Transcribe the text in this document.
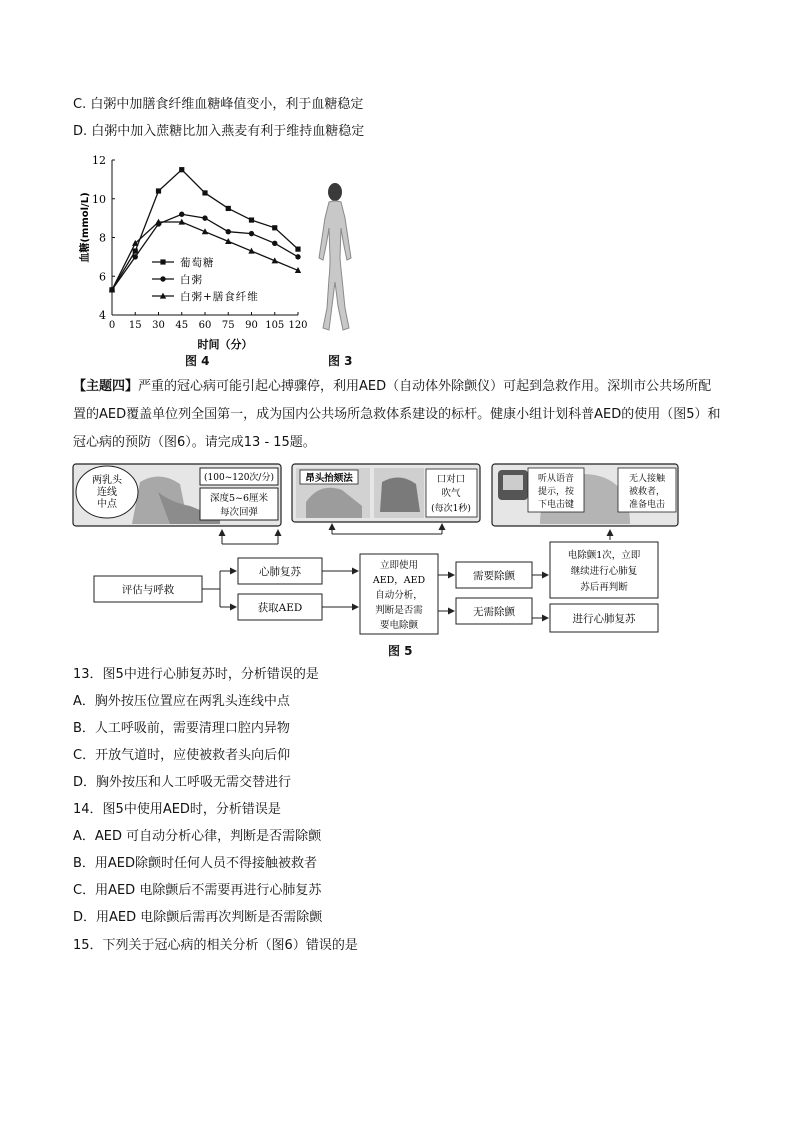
C. 白粥中加膳食纤维血糖峰值变小，利于血糖稳定
D. 白粥中加入蔗糖比加入燕麦有利于维持血糖稳定
0 15 30 45 60 75 90 105 120
4
6
8
10
12
时间（分）
血糖(mmol/L)
葡萄糖
白粥
白粥+膳食纤维
图 4	图 3
【主题四】严重的冠心病可能引起心搏骤停，利用AED（自动体外除颤仪）可起到急救作用。深圳市公共场所配置的AED覆盖单位列全国第一，成为国内公共场所急救体系建设的标杆。健康小组计划科普AED的使用（图5）和冠心病的预防（图6）。请完成13 - 15题。
两乳头
连线
中点
(100~120次/分)
深度5~6厘米
每次回弹
昂头抬颏法	口对口
吹气
(每次1秒)
听从语音
提示，按
下电击键
无人接触
被救者，
准备电击
评估与呼救
心肺复苏
获取AED
立即使用
AED，AED
自动分析，
判断是否需
要电除颤
需要除颤
无需除颤
电除颤1次，立即
继续进行心肺复
苏后再判断
进行心肺复苏
图 5
13．图5中进行心肺复苏时，分析错误的是
A．胸外按压位置应在两乳头连线中点
B．人工呼吸前，需要清理口腔内异物
C．开放气道时，应使被救者头向后仰
D．胸外按压和人工呼吸无需交替进行
14．图5中使用AED时，分析错误是
A．AED 可自动分析心律，判断是否需除颤
B．用AED除颤时任何人员不得接触被救者
C．用AED 电除颤后不需要再进行心肺复苏
D．用AED 电除颤后需再次判断是否需除颤
15．下列关于冠心病的相关分析（图6）错误的是
